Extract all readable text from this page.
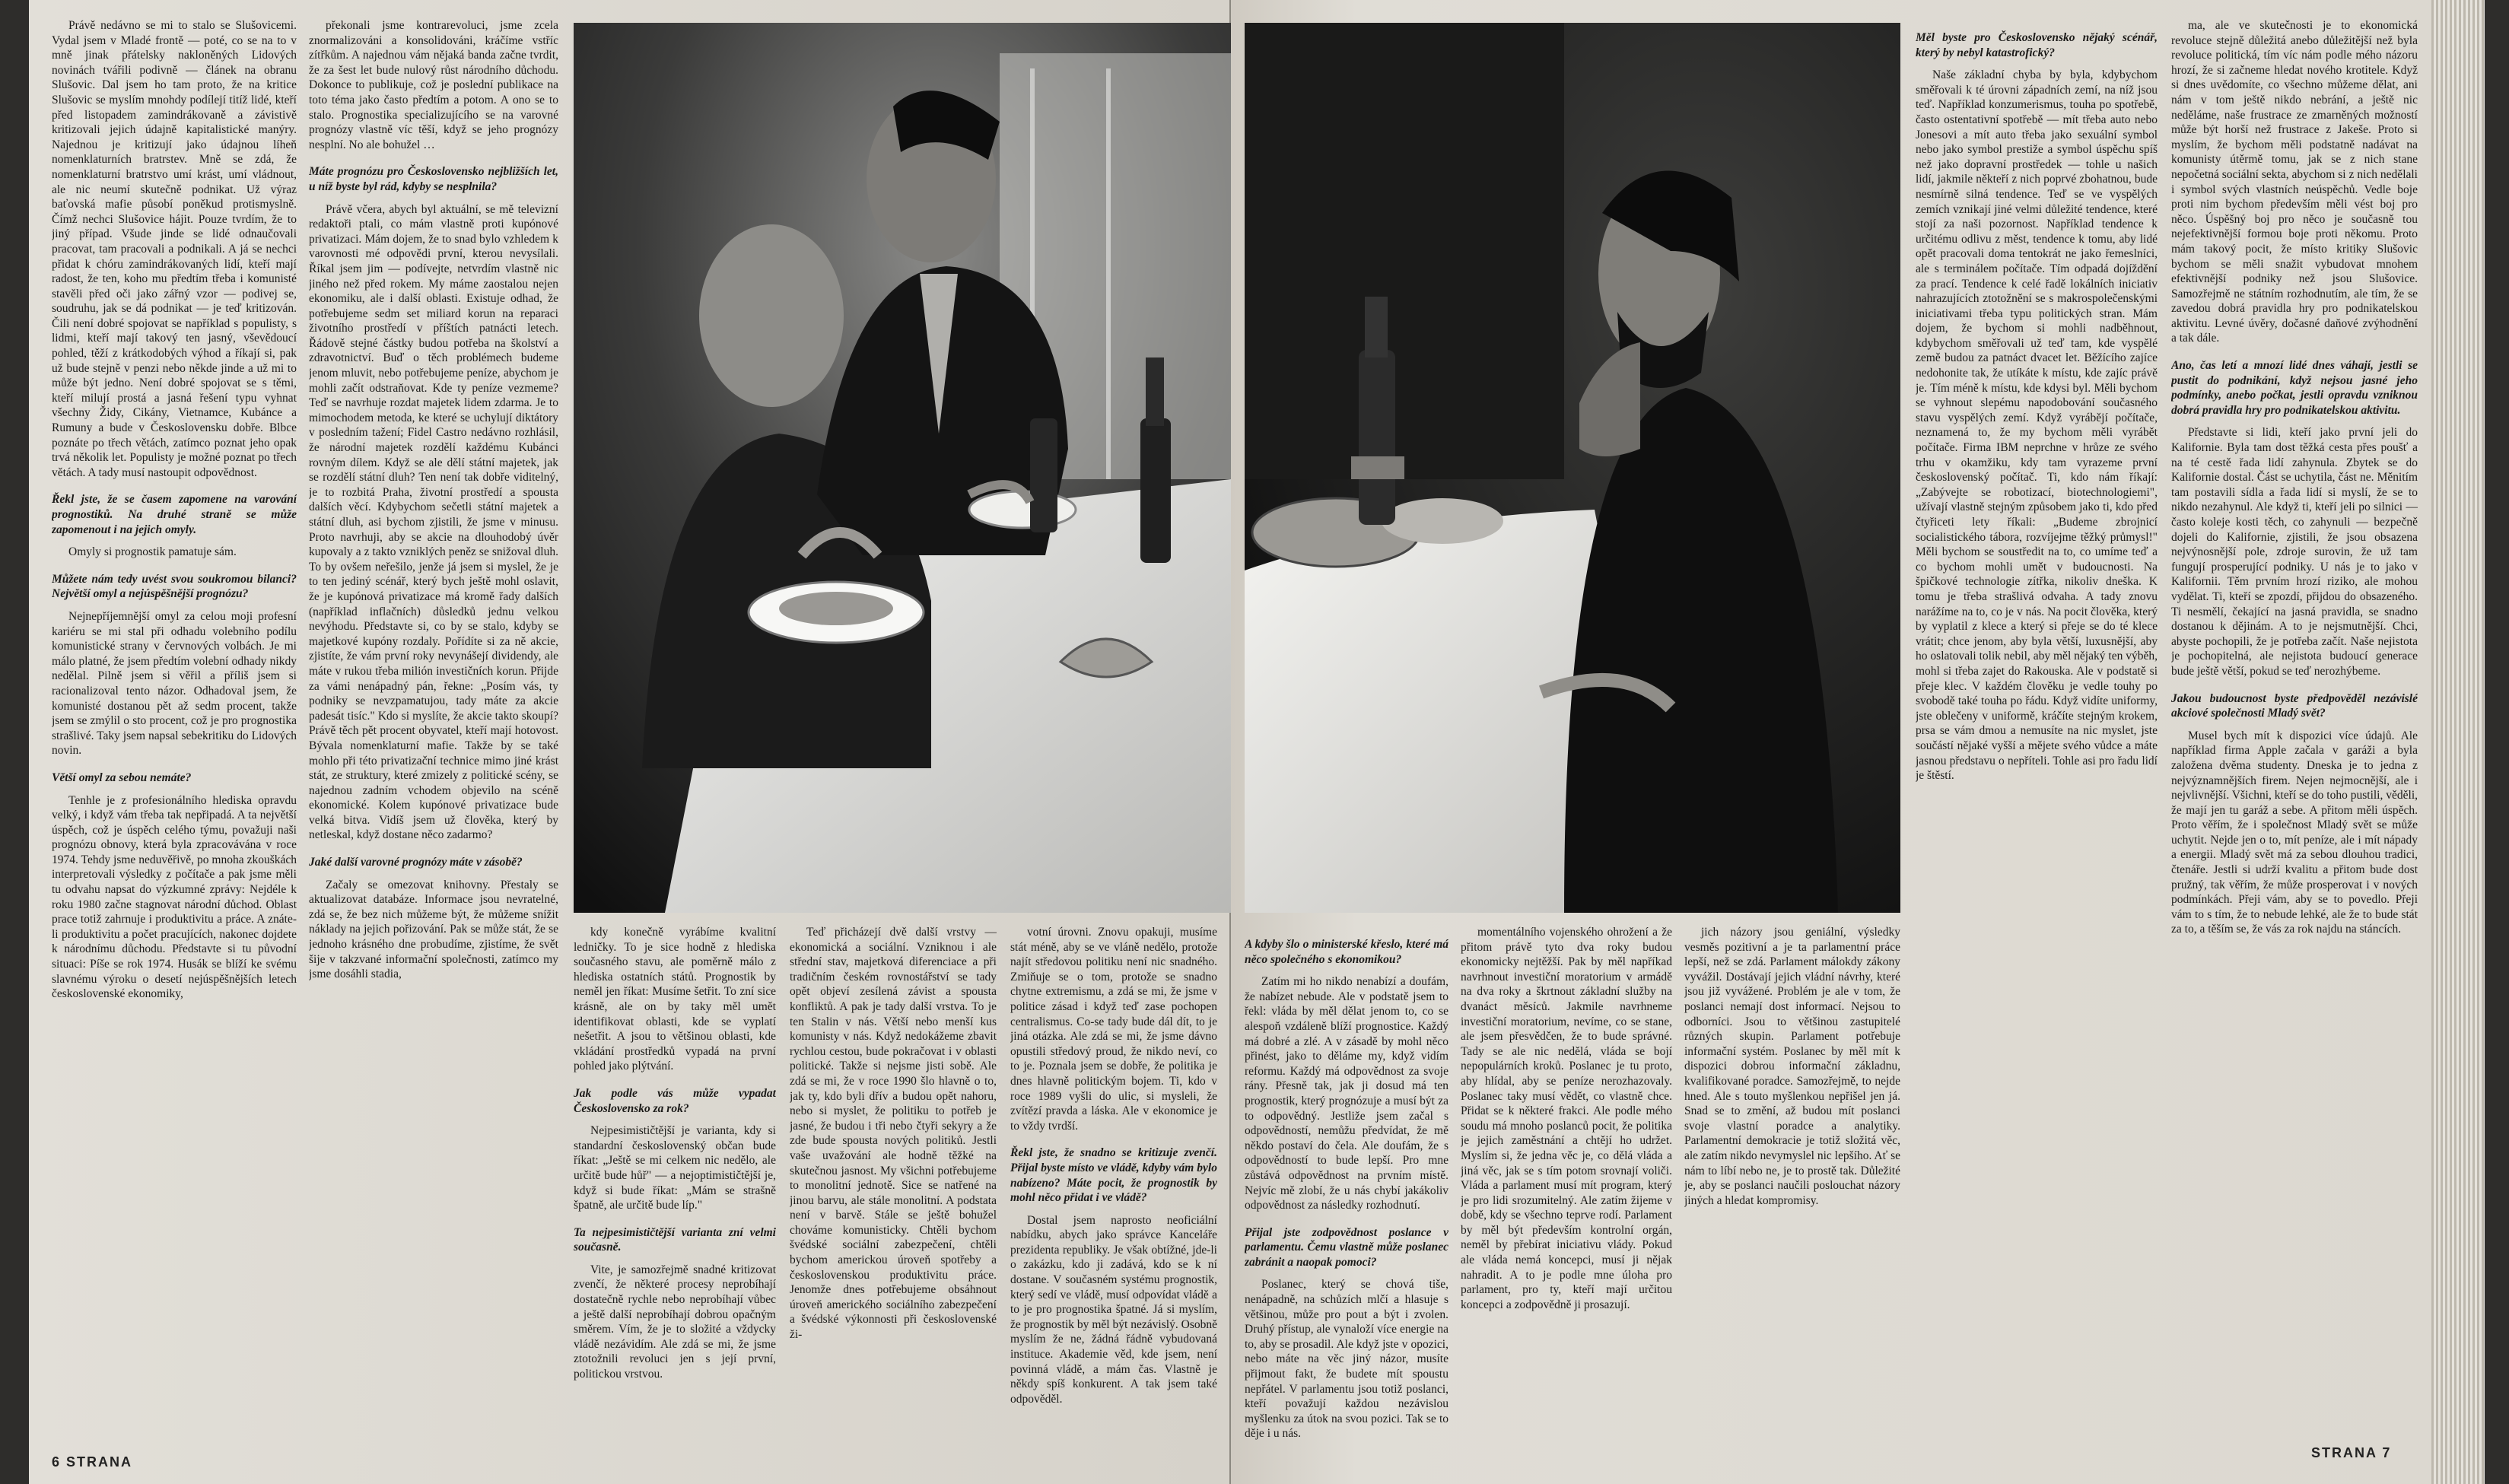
Právě nedávno se mi to stalo se Slušovicemi. Vydal jsem v Mladé frontě — poté, co se na to v mně jinak přátelsky nakloněných Lidových novinách tvářili podivně — článek na obranu Slušovic. Dal jsem ho tam proto, že na kritice Slušovic se myslím mnohdy podílejí titíž lidé, kteří před listopadem zamindrákovaně a závistivě kritizovali jejich údajně kapitalistické manýry. Najednou je kritizují jako údajnou líheň nomenklaturních bratrstev. Mně se zdá, že nomenklaturní bratrstvo umí krást, umí vládnout, ale nic neumí skutečně podnikat. Už výraz baťovská mafie působí poněkud protismyslně. Čímž nechci Slušovice hájit. Pouze tvrdím, že to jiný případ. Všude jinde se lidé odnaučovali pracovat, tam pracovali a podnikali. A já se nechci přidat k chóru zamindrákovaných lidí, kteří mají radost, že ten, koho mu předtím třeba i komunisté stavěli před oči jako zářný vzor — podivej se, soudruhu, jak se dá podnikat — je teď kritizován. Čili není dobré spojovat se například s populisty, s lidmi, kteří mají takový ten jasný, vševědoucí pohled, těží z krátkodobých výhod a říkají si, pak už bude stejně v penzi nebo někde jinde a už mi to může být jedno. Není dobré spojovat se s těmi, kteří milují prostá a jasná řešení typu vyhnat všechny Židy, Cikány, Vietnamce, Kubánce a Rumuny a bude v Československu dobře. Blbce poznáte po třech větách, zatímco poznat jeho opak trvá několik let. Populisty je možné poznat po třech větách. A tady musí nastoupit odpovědnost.

Řekl jste, že se časem zapomene na varování prognostiků. Na druhé straně se může zapomenout i na jejich omyly.

Omyly si prognostik pamatuje sám.

Můžete nám tedy uvést svou soukromou bilanci? Největší omyl a nejúspěšnější prognózu?

Nejnepříjemnější omyl za celou moji profesní kariéru se mi stal při odhadu volebního podílu komunistické strany v červnových volbách. Je mi málo platné, že jsem předtím volební odhady nikdy nedělal. Pilně jsem si věřil a příliš jsem si racionalizoval tento názor. Odhadoval jsem, že komunisté dostanou pět až sedm procent, takže jsem se zmýlil o sto procent, což je pro prognostika strašlivé. Taky jsem napsal sebekritiku do Lidových novin.

Větší omyl za sebou nemáte?

Tenhle je z profesionálního hlediska opravdu velký, i když vám třeba tak nepřipadá. A ta největší úspěch, což je úspěch celého týmu, považuji naši prognózu obnovy, která byla zpracovávána v roce 1974. Tehdy jsme neduvěřivě, po mnoha zkouškách interpretovali výsledky z počítače a pak jsme měli tu odvahu napsat do výzkumné zprávy: Nejdéle k roku 1980 začne stagnovat národní důchod. Oblast prace totiž zahrnuje i produktivitu a práce. A znáte-li produktivitu a počet pracujících, nakonec dojdete k národnímu důchodu. Představte si tu původní situaci: Píše se rok 1974. Husák se blíží ke svému slavnému výroku o desetí nejúspěšnějších letech československé ekonomiky,

překonali jsme kontrarevoluci, jsme zcela znormalizováni a konsolidováni, kráčíme vstříc zítřkům. A najednou vám nějaká banda začne tvrdit, že za šest let bude nulový růst národního důchodu. Dokonce to publikuje, což je poslední publikace na toto téma jako často předtím a potom. A ono se to stalo. Prognostika specializujícího se na varovné prognózy vlastně víc těší, když se jeho prognózy nesplní. No ale bohužel …

Máte prognózu pro Československo nejbližších let, u níž byste byl rád, kdyby se nesplnila?

Právě včera, abych byl aktuální, se mě televizní redaktoři ptali, co mám vlastně proti kupónové privatizaci. Mám dojem, že to snad bylo vzhledem k varovnosti mé odpovědi první, kterou nevysílali. Říkal jsem jim — podívejte, netvrdím vlastně nic jiného než před rokem. My máme zaostalou nejen ekonomiku, ale i další oblasti. Existuje odhad, že potřebujeme sedm set miliard korun na reparaci životního prostředí v příštích patnácti letech. Řádově stejné částky budou potřeba na školství a zdravotnictví. Buď o těch problémech budeme jenom mluvit, nebo potřebujeme peníze, abychom je mohli začít odstraňovat. Kde ty peníze vezmeme? Teď se navrhuje rozdat majetek lidem zdarma. Je to mimochodem metoda, ke které se uchylují diktátory v posledním tažení; Fidel Castro nedávno rozhlásil, že národní majetek rozdělí každému Kubánci rovným dílem. Když se ale dělí státní majetek, jak se rozdělí státní dluh? Ten není tak dobře viditelný, je to rozbitá Praha, životní prostředí a spousta dalších věcí. Kdybychom sečetli státní majetek a státní dluh, asi bychom zjistili, že jsme v minusu. Proto navrhuji, aby se akcie na dlouhodobý úvěr kupovaly a z takto vzniklých peněz se snižoval dluh. To by ovšem neřešilo, jenže já jsem si myslel, že je to ten jediný scénář, který bych ještě mohl oslavit, že je kupónová privatizace má kromě řady dalších (například inflačních) důsledků jednu velkou nevýhodu. Představte si, co by se stalo, kdyby se majetkové kupóny rozdaly. Pořídíte si za ně akcie, zjistíte, že vám první roky nevynášejí dividendy, ale máte v rukou třeba milión investičních korun. Přijde za vámi nenápadný pán, řekne: „Posím vás, ty podniky se nevzpamatujou, tady máte za akcie padesát tisíc." Kdo si myslíte, že akcie takto skoupí? Právě těch pět procent obyvatel, kteří mají hotovost. Bývala nomenklaturní mafie. Takže by se také mohlo při této privatizační technice mimo jiné krást stát, ze struktury, které zmizely z politické scény, se najednou zadním vchodem objevilo na scéně ekonomické. Kolem kupónové privatizace bude velká bitva. Vidíš jsem už člověka, který by netleskal, když dostane něco zadarmo?

Jaké další varovné prognózy máte v zásobě?

Začaly se omezovat knihovny. Přestaly se aktualizovat databáze. Informace jsou nevratelné, zdá se, že bez nich můžeme být, že můžeme snížit náklady na jejich pořizování. Pak se může stát, že se jednoho krásného dne probudíme, zjistíme, že svět šije v takzvané informační společnosti, zatímco my jsme dosáhli stadia,

kdy konečně vyrábíme kvalitní ledničky. To je sice hodně z hlediska současného stavu, ale poměrně málo z hlediska ostatních států. Prognostik by neměl jen říkat: Musíme šetřit. To zní sice krásně, ale on by taky měl umět identifikovat oblasti, kde se vyplatí nešetřit. A jsou to většinou oblasti, kde vkládání prostředků vypadá na první pohled jako plýtvání.

Jak podle vás může vypadat Československo za rok?

Nejpesimističtější je varianta, kdy si standardní československý občan bude říkat: „Ještě se mi celkem nic nedělo, ale určitě bude hůř" — a nejoptimističtější je, když si bude říkat: „Mám se strašně špatně, ale určitě bude líp."

Ta nejpesimističtější varianta zní velmi současně.

Vite, je samozřejmě snadné kritizovat zvenčí, že některé procesy neprobíhají dostatečně rychle nebo neprobíhají vůbec a ještě další neprobíhají dobrou opačným směrem. Vím, že je to složité a vždycky vládě nezávidím. Ale zdá se mi, že jsme ztotožnili revoluci jen s její první, politickou vrstvou.

Teď přicházejí dvě další vrstvy — ekonomická a sociální. Vzniknou i ale střední stav, majetková diferenciace a při tradičním českém rovnostářství se tady opět objeví zesílená závist a spousta konfliktů. A pak je tady další vrstva. To je ten Stalin v nás. Větší nebo menší kus komunisty v nás. Když nedokážeme zbavit rychlou cestou, bude pokračovat i v oblasti politické. Takže si nejsme jisti sobě. Ale zdá se mi, že v roce 1990 šlo hlavně o to, jak ty, kdo byli dřív a budou opět nahoru, nebo si myslet, že politiku to potřeb je jasné, že budou i tři nebo čtyři sekyry a že zde bude spousta nových politiků. Jestli vaše uvažování ale hodně těžké na skutečnou jasnost. My všichni potřebujeme to monolitní jednotě. Sice se natřené na jinou barvu, ale stále monolitní. A podstata není v barvě. Stále se ještě bohužel chováme komunisticky. Chtěli bychom švédské sociální zabezpečení, chtěli bychom americkou úroveň spotřeby a československou produktivitu práce. Jenomže dnes potřebujeme obsáhnout úroveň amerického sociálního zabezpečení a švédské výkonnosti při československé ži-

votní úrovni. Znovu opakuji, musíme stát méně, aby se ve vláně nedělo, protože najít středovou politiku není nic snadného. Zmiňuje se o tom, protože se snadno chytne extremismu, a zdá se mi, že jsme v politice zásad i když teď zase pochopen centralismus. Co-se tady bude dál dít, to je jiná otázka. Ale zdá se mi, že jsme dávno opustili středový proud, že nikdo neví, co to je. Poznala jsem se dobře, že politika je dnes hlavně politickým bojem. Ti, kdo v roce 1989 vyšli do ulic, si mysleli, že zvítězí pravda a láska. Ale v ekonomice je to vždy tvrdší.

Řekl jste, že snadno se kritizuje zvenčí. Přijal byste místo ve vládě, kdyby vám bylo nabízeno? Máte pocit, že prognostik by mohl něco přidat i ve vládě?

Dostal jsem naprosto neoficiální nabídku, abych jako správce Kanceláře prezidenta republiky. Je však obtížné, jde-li o zakázku, kdo ji zadává, kdo se k ní dostane. V současném systému prognostik, který sedí ve vládě, musí odpovídat vládě a to je pro prognostika špatné. Já si myslím, že prognostik by měl být nezávislý. Osobně myslím že ne, žádná řádně vybudovaná instituce. Akademie věd, kde jsem, není povinná vládě, a mám čas. Vlastně je někdy spíš konkurent. A tak jsem také odpověděl.

6 STRANA

A kdyby šlo o ministerské křeslo, které má něco společného s ekonomikou?

Zatím mi ho nikdo nenabízí a doufám, že nabízet nebude. Ale v podstatě jsem to řekl: vláda by měl dělat jenom to, co se alespoň vzdáleně blíží prognostice. Každý má dobré a zlé. A v zásadě by mohl něco přinést, jako to děláme my, když vidím reformu. Každý má odpovědnost za svoje rány. Přesně tak, jak ji dosud má ten prognostik, který prognózuje a musí být za to odpovědný. Jestliže jsem začal s odpovědností, nemůžu předvídat, že mě někdo postaví do čela. Ale doufám, že s odpovědností to bude lepší. Pro mne zůstává odpovědnost na prvním místě. Nejvíc mě zlobí, že u nás chybí jakákoliv odpovědnost za následky rozhodnutí.

Přijal jste zodpovědnost poslance v parlamentu. Čemu vlastně může poslanec zabránit a naopak pomoci?

Poslanec, který se chová tiše, nenápadně, na schůzích mlčí a hlasuje s většinou, může pro pout a být i zvolen. Druhý přístup, ale vynaloží více energie na to, aby se prosadil. Ale když jste v opozici, nebo máte na věc jiný názor, musíte přijmout fakt, že budete mít spoustu nepřátel. V parlamentu jsou totiž poslanci, kteří považují každou nezávislou myšlenku za útok na svou pozici. Tak se to děje i u nás.

momentálního vojenského ohrožení a že přitom právě tyto dva roky budou ekonomicky nejtěžší. Pak by měl napříkad navrhnout investiční moratorium v armádě na dva roky a škrtnout základní služby na dvanáct měsíců. Jakmile navrhneme investiční moratorium, nevíme, co se stane, ale jsem přesvědčen, že to bude správné. Tady se ale nic nedělá, vláda se bojí nepopulárních kroků. Poslanec je tu proto, aby hlídal, aby se peníze nerozhazovaly. Poslanec taky musí vědět, co vlastně chce. Přidat se k některé frakci. Ale podle mého soudu má mnoho poslanců pocit, že politika je jejich zaměstnání a chtějí ho udržet. Myslím si, že jedna věc je, co dělá vláda a jiná věc, jak se s tím potom srovnají voliči. Vláda a parlament musí mít program, který je pro lidi srozumitelný. Ale zatím žijeme v době, kdy se všechno teprve rodí. Parlament by měl být především kontrolní orgán, neměl by přebírat iniciativu vlády. Pokud ale vláda nemá koncepci, musí ji nějak nahradit. A to je podle mne úloha pro parlament, pro ty, kteří mají určitou koncepci a zodpovědně ji prosazují.

jich názory jsou geniální, výsledky vesměs pozitivní a je ta parlamentní práce lepší, než se zdá. Parlament málokdy zákony vyvážil. Dostávají jejich vládní návrhy, které jsou již vyvážené. Problém je ale v tom, že poslanci nemají dost informací. Nejsou to odborníci. Jsou to většinou zastupitelé různých skupin. Parlament potřebuje informační systém. Poslanec by měl mít k dispozici dobrou informační základnu, kvalifikované poradce. Samozřejmě, to nejde hned. Ale s touto myšlenkou nepřišel jen já. Snad se to změní, až budou mít poslanci svoje vlastní poradce a analytiky. Parlamentní demokracie je totiž složitá věc, ale zatím nikdo nevymyslel nic lepšího. Ať se nám to líbí nebo ne, je to prostě tak. Důležité je, aby se poslanci naučili poslouchat názory jiných a hledat kompromisy.

Měl byste pro Československo nějaký scénář, který by nebyl katastrofický?

Naše základní chyba by byla, kdybychom směřovali k té úrovni západních zemí, na níž jsou teď. Například konzumerismus, touha po spotřebě, často ostentativní spotřebě — mít třeba auto nebo Jonesovi a mít auto třeba jako sexuální symbol nebo jako symbol prestiže a symbol úspěchu spíš než jako dopravní prostředek — tohle u našich lidí, jakmile někteří z nich poprvé zbohatnou, bude nesmírně silná tendence. Teď se ve vyspělých zemích vznikají jiné velmi důležité tendence, které stojí za naši pozornost. Například tendence k určitému odlivu z měst, tendence k tomu, aby lidé opět pracovali doma tentokrát ne jako řemeslníci, ale s terminálem počítače. Tím odpadá dojíždění za prací. Tendence k celé řadě lokálních iniciativ nahrazujících ztotožnění se s makrospolečenskými iniciativami třeba typu politických stran. Mám dojem, že bychom si mohli nadběhnout, kdybychom směřovali už teď tam, kde vyspělé země budou za patnáct dvacet let. Běžícího zajíce nedohonite tak, že utíkáte k místu, kde zajíc právě je. Tím méně k místu, kde kdysi byl. Měli bychom se vyhnout slepému napodobování současného stavu vyspělých zemí. Když vyrábějí počítače, neznamená to, že my bychom měli vyrábět počítače. Firma IBM neprchne v hrůze ze svého trhu v okamžiku, kdy tam vyrazeme první československý počítač. Ti, kdo nám říkají: „Zabývejte se robotizací, biotechnologiemi", užívají vlastně stejným způsobem jako ti, kdo před čtyřiceti lety říkali: „Budeme zbrojnicí socialistického tábora, rozvíjejme těžký průmysl!" Měli bychom se soustředit na to, co umíme teď a co bychom mohli umět v budoucnosti. Na špičkové technologie zítřka, nikoliv dneška. K tomu je třeba strašlivá odvaha. A tady znovu narážíme na to, co je v nás. Na pocit člověka, který by vyplatil z klece a který si přeje se do té klece vrátit; chce jenom, aby byla větší, luxusnější, aby ho oslatovali tolik nebil, aby měl nějaký ten výběh, mohl si třeba zajet do Rakouska. Ale v podstatě si přeje klec. V každém člověku je vedle touhy po svobodě také touha po řádu. Když vidíte uniformy, jste oblečeny v uniformě, kráčíte stejným krokem, prsa se vám dmou a nemusíte na nic myslet, jste součástí nějaké vyšší a mějete svého vůdce a máte jasnou představu o nepříteli. Tohle asi pro řadu lidí je štěstí.

ma, ale ve skutečnosti je to ekonomická revoluce stejně důležitá anebo důležitější než byla revoluce politická, tím víc nám podle mého názoru hrozí, že si začneme hledat nového krotitele. Když si dnes uvědomíte, co všechno můžeme dělat, ani nám v tom ještě nikdo nebrání, a ještě nic neděláme, naše frustrace ze zmarněných možností může být horší než frustrace z Jakeše. Proto si myslím, že bychom měli podstatně nadávat na komunisty útěrmě tomu, jak se z nich stane nepočetná sociální sekta, abychom si z nich nedělali i symbol svých vlastních neúspěchů. Vedle boje proti nim bychom především měli vést boj pro něco. Úspěšný boj pro něco je současně tou nejefektivnější formou boje proti někomu. Proto mám takový pocit, že místo kritiky Slušovic bychom se měli snažit vybudovat mnohem efektivnější podniky než jsou Slušovice. Samozřejmě ne státním rozhodnutím, ale tím, že se zavedou dobrá pravidla hry pro podnikatelskou aktivitu. Levné úvěry, dočasné daňové zvýhodnění a tak dále.

Ano, čas letí a mnozí lidé dnes váhají, jestli se pustit do podnikání, když nejsou jasné jeho podmínky, anebo počkat, jestli opravdu vzniknou dobrá pravidla hry pro podnikatelskou aktivitu.

Představte si lidi, kteří jako první jeli do Kalifornie. Byla tam dost těžká cesta přes poušť a na té cestě řada lidí zahynula. Zbytek se do Kalifornie dostal. Část se uchytila, část ne. Měnitím tam postavili sídla a řada lidí si myslí, že se to nikdo nezahynul. Ale když ti, kteří jeli po silnici — často koleje kosti těch, co zahynuli — bezpečně dojeli do Kalifornie, zjistili, že jsou obsazena nejvýnosnější pole, zdroje surovin, že už tam fungují prosperující podniky. U nás je to jako v Kalifornii. Těm prvním hrozí riziko, ale mohou vydělat. Ti, kteří se zpozdí, přijdou do obsazeného. Ti nesmělí, čekající na jasná pravidla, se snadno dostanou k dějinám. A to je nejsmutnější. Chci, abyste pochopili, že je potřeba začít. Naše nejistota je pochopitelná, ale nejistota budoucí generace bude ještě větší, pokud se teď nerozhýbeme.

Jakou budoucnost byste předpověděl nezávislé akciové společnosti Mladý svět?

Musel bych mít k dispozici více údajů. Ale například firma Apple začala v garáži a byla založena dvěma studenty. Dneska je to jedna z nejvýznamnějších firem. Nejen nejmocnější, ale i nejvlivnější. Všichni, kteří se do toho pustili, věděli, že mají jen tu garáž a sebe. A přitom měli úspěch. Proto věřím, že i společnost Mladý svět se může uchytit. Nejde jen o to, mít peníze, ale i mít nápady a energii. Mladý svět má za sebou dlouhou tradici, čtenáře. Jestli si udrží kvalitu a přitom bude dost pružný, tak věřím, že může prosperovat i v nových podmínkách. Přeji vám, aby se to povedlo. Přeji vám to s tím, že to nebude lehké, ale že to bude stát za to, a těším se, že vás za rok najdu na stáncích.

STRANA 7
